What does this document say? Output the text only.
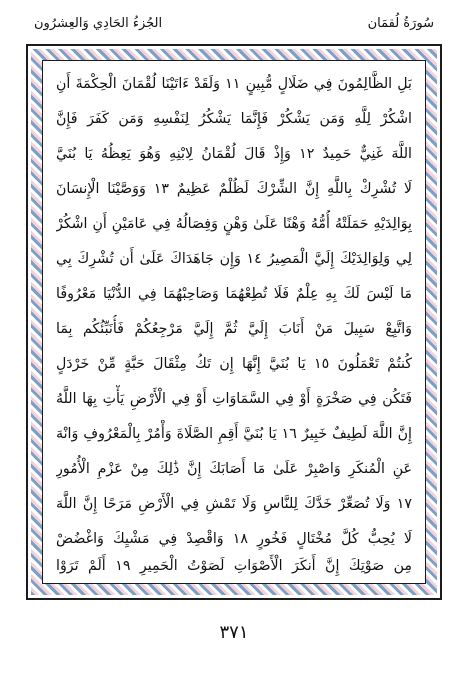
سُورَةُ لُقمَان
الجُزءُ الحَادِي وَالعِشرُون
بَلِ الظَّالِمُونَ فِي ضَلَالٍ مُّبِينٍ ١١ وَلَقَدْ ءَاتَيْنَا لُقْمَانَ الْحِكْمَةَ أَنِ
اشْكُرْ لِلَّهِ وَمَن يَشْكُرْ فَإِنَّمَا يَشْكُرُ لِنَفْسِهِ وَمَن كَفَرَ فَإِنَّ
اللَّهَ غَنِيٌّ حَمِيدٌ ١٢ وَإِذْ قَالَ لُقْمَانُ لِابْنِهِ وَهُوَ يَعِظُهُ يَا بُنَيَّ
لَا تُشْرِكْ بِاللَّهِ إِنَّ الشِّرْكَ لَظُلْمٌ عَظِيمٌ ١٣ وَوَصَّيْنَا الْإِنسَانَ
بِوَالِدَيْهِ حَمَلَتْهُ أُمُّهُ وَهْنًا عَلَىٰ وَهْنٍ وَفِصَالُهُ فِي عَامَيْنِ أَنِ اشْكُرْ
لِي وَلِوَالِدَيْكَ إِلَيَّ الْمَصِيرُ ١٤ وَإِن جَاهَدَاكَ عَلَىٰ أَن تُشْرِكَ بِي
مَا لَيْسَ لَكَ بِهِ عِلْمٌ فَلَا تُطِعْهُمَا وَصَاحِبْهُمَا فِي الدُّنْيَا مَعْرُوفًا
وَاتَّبِعْ سَبِيلَ مَنْ أَنَابَ إِلَيَّ ثُمَّ إِلَيَّ مَرْجِعُكُمْ فَأُنَبِّئُكُم بِمَا
كُنتُمْ تَعْمَلُونَ ١٥ يَا بُنَيَّ إِنَّهَا إِن تَكُ مِثْقَالَ حَبَّةٍ مِّنْ خَرْدَلٍ
فَتَكُن فِي صَخْرَةٍ أَوْ فِي السَّمَاوَاتِ أَوْ فِي الْأَرْضِ يَأْتِ بِهَا اللَّهُ
إِنَّ اللَّهَ لَطِيفٌ خَبِيرٌ ١٦ يَا بُنَيَّ أَقِمِ الصَّلَاةَ وَأْمُرْ بِالْمَعْرُوفِ وَانْهَ
عَنِ الْمُنكَرِ وَاصْبِرْ عَلَىٰ مَا أَصَابَكَ إِنَّ ذَٰلِكَ مِنْ عَزْمِ الْأُمُورِ
١٧ وَلَا تُصَعِّرْ خَدَّكَ لِلنَّاسِ وَلَا تَمْشِ فِي الْأَرْضِ مَرَحًا إِنَّ اللَّهَ
لَا يُحِبُّ كُلَّ مُخْتَالٍ فَخُورٍ ١٨ وَاقْصِدْ فِي مَشْيِكَ وَاغْضُضْ
مِن صَوْتِكَ إِنَّ أَنكَرَ الْأَصْوَاتِ لَصَوْتُ الْحَمِيرِ ١٩ أَلَمْ تَرَوْا
٣٧١
